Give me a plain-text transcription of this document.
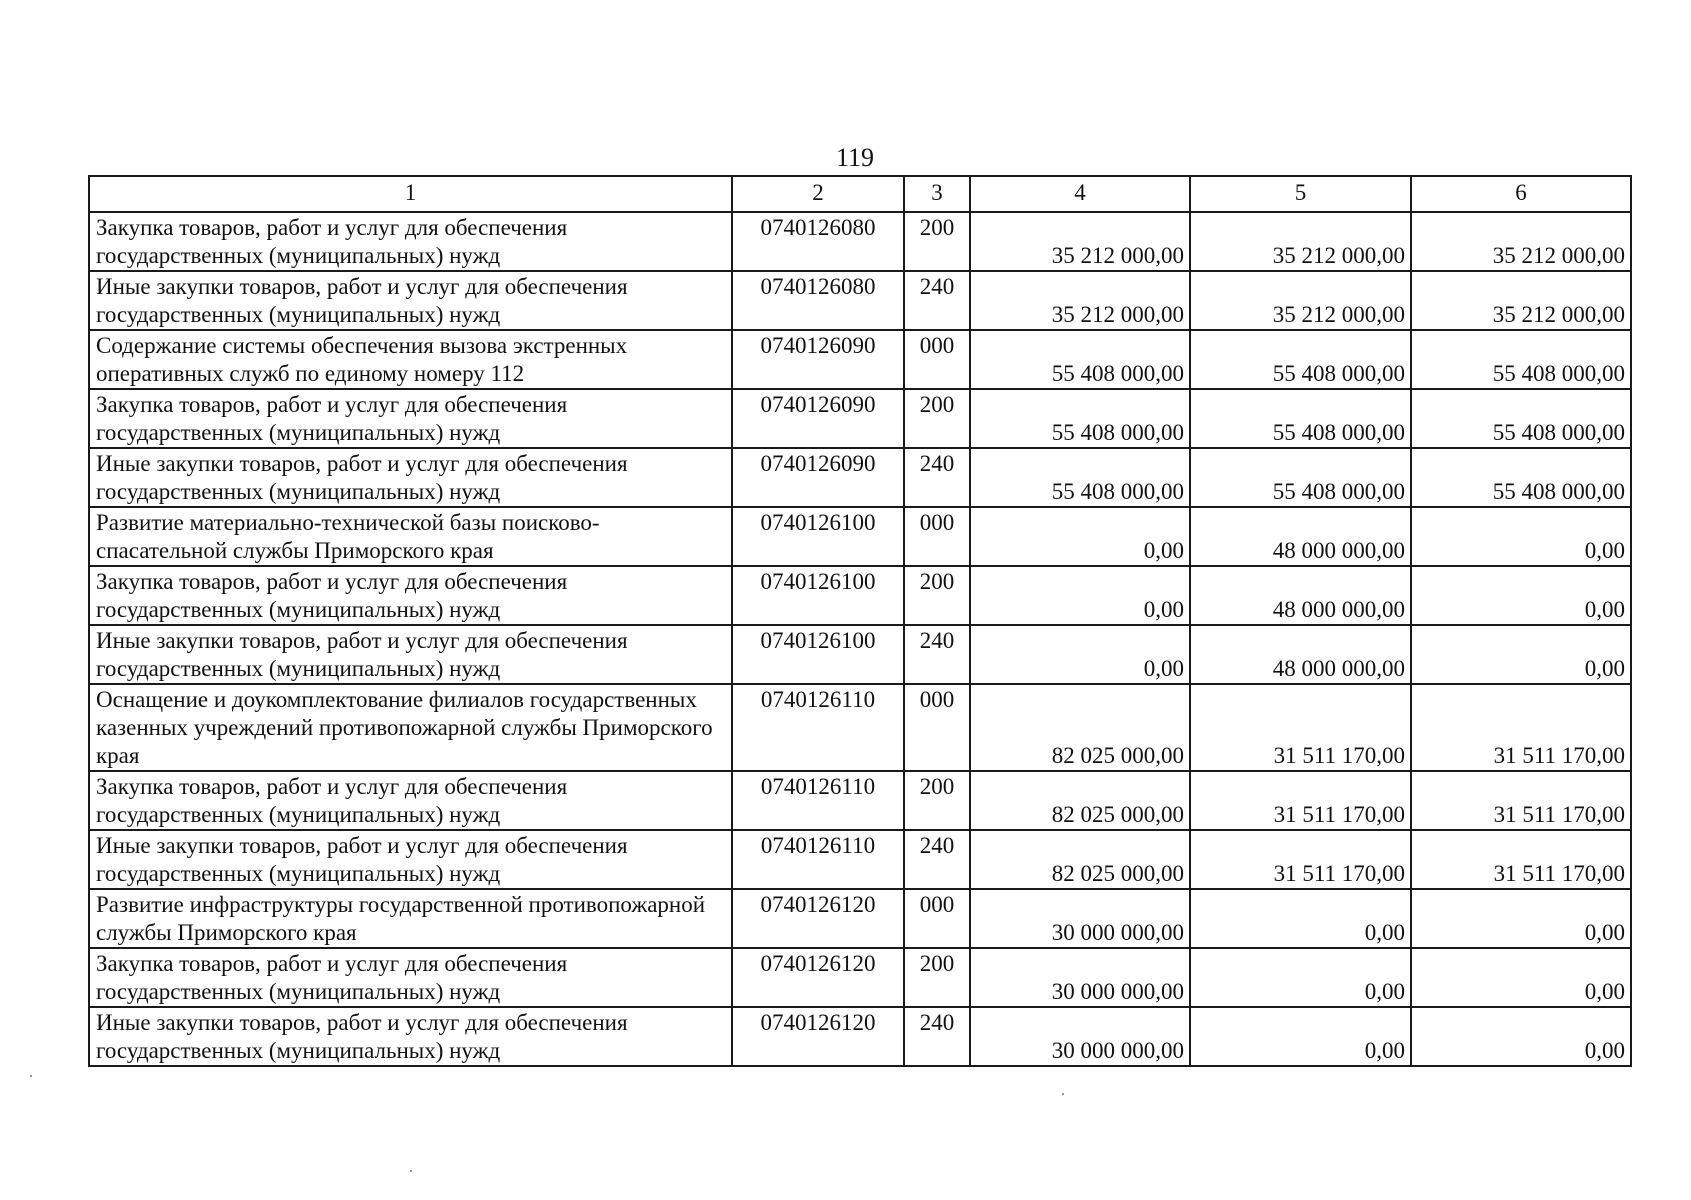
119
1	2	3	4	5	6
Закупка товаров, работ и услуг для обеспечения государственных (муниципальных) нужд	0740126080	200	35 212 000,00	35 212 000,00	35 212 000,00
Иные закупки товаров, работ и услуг для обеспечения государственных (муниципальных) нужд	0740126080	240	35 212 000,00	35 212 000,00	35 212 000,00
Содержание системы обеспечения вызова экстренных оперативных служб по единому номеру 112	0740126090	000	55 408 000,00	55 408 000,00	55 408 000,00
Закупка товаров, работ и услуг для обеспечения государственных (муниципальных) нужд	0740126090	200	55 408 000,00	55 408 000,00	55 408 000,00
Иные закупки товаров, работ и услуг для обеспечения государственных (муниципальных) нужд	0740126090	240	55 408 000,00	55 408 000,00	55 408 000,00
Развитие материально-технической базы поисково-спасательной службы Приморского края	0740126100	000	0,00	48 000 000,00	0,00
Закупка товаров, работ и услуг для обеспечения государственных (муниципальных) нужд	0740126100	200	0,00	48 000 000,00	0,00
Иные закупки товаров, работ и услуг для обеспечения государственных (муниципальных) нужд	0740126100	240	0,00	48 000 000,00	0,00
Оснащение и доукомплектование филиалов государственных казенных учреждений противопожарной службы Приморского края	0740126110	000	82 025 000,00	31 511 170,00	31 511 170,00
Закупка товаров, работ и услуг для обеспечения государственных (муниципальных) нужд	0740126110	200	82 025 000,00	31 511 170,00	31 511 170,00
Иные закупки товаров, работ и услуг для обеспечения государственных (муниципальных) нужд	0740126110	240	82 025 000,00	31 511 170,00	31 511 170,00
Развитие инфраструктуры государственной противопожарной службы Приморского края	0740126120	000	30 000 000,00	0,00	0,00
Закупка товаров, работ и услуг для обеспечения государственных (муниципальных) нужд	0740126120	200	30 000 000,00	0,00	0,00
Иные закупки товаров, работ и услуг для обеспечения государственных (муниципальных) нужд	0740126120	240	30 000 000,00	0,00	0,00
